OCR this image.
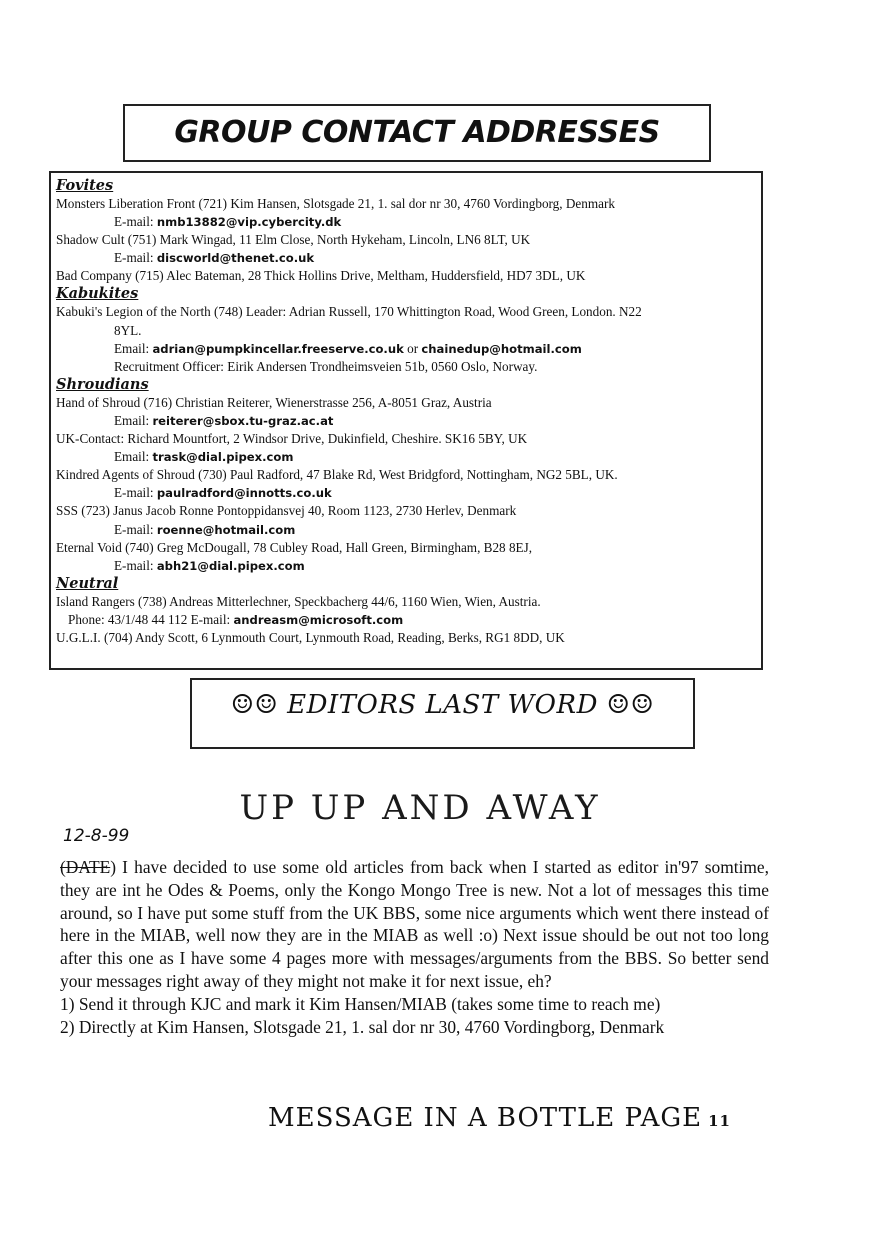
GROUP CONTACT ADDRESSES
Fovites
Monsters Liberation Front (721) Kim Hansen, Slotsgade 21, 1. sal dor nr 30, 4760 Vordingborg, Denmark
E-mail: nmb13882@vip.cybercity.dk
Shadow Cult (751) Mark Wingad, 11 Elm Close, North Hykeham, Lincoln, LN6 8LT, UK
E-mail: discworld@thenet.co.uk
Bad Company (715) Alec Bateman, 28 Thick Hollins Drive, Meltham, Huddersfield, HD7 3DL, UK
Kabukites
Kabuki's Legion of the North (748) Leader: Adrian Russell, 170 Whittington Road, Wood Green, London. N22
8YL.
Email: adrian@pumpkincellar.freeserve.co.uk or chainedup@hotmail.com
Recruitment Officer: Eirik Andersen Trondheimsveien 51b, 0560 Oslo, Norway.
Shroudians
Hand of Shroud (716) Christian Reiterer, Wienerstrasse 256, A-8051 Graz, Austria
Email: reiterer@sbox.tu-graz.ac.at
UK-Contact: Richard Mountfort, 2 Windsor Drive, Dukinfield, Cheshire. SK16 5BY, UK
Email: trask@dial.pipex.com
Kindred Agents of Shroud (730) Paul Radford, 47 Blake Rd, West Bridgford, Nottingham, NG2 5BL, UK.
E-mail: paulradford@innotts.co.uk
SSS (723) Janus Jacob Ronne Pontoppidansvej 40, Room 1123, 2730 Herlev, Denmark
E-mail: roenne@hotmail.com
Eternal Void (740) Greg McDougall, 78 Cubley Road, Hall Green, Birmingham, B28 8EJ,
E-mail: abh21@dial.pipex.com
Neutral
Island Rangers (738) Andreas Mitterlechner, Speckbacherg 44/6, 1160 Wien, Wien, Austria.
Phone: 43/1/48 44 112 E-mail: andreasm@microsoft.com
U.G.L.I. (704) Andy Scott, 6 Lynmouth Court, Lynmouth Road, Reading, Berks, RG1 8DD, UK
☺☺ EDITORS LAST WORD ☺☺
UP UP AND AWAY
12-8-99

(DATE) I have decided to use some old articles from back when I started as editor in'97 somtime, they are int he Odes & Poems, only the Kongo Mongo Tree is new. Not a lot of messages this time around, so I have put some stuff from the UK BBS, some nice arguments which went there instead of here in the MIAB, well now they are in the MIAB as well :o) Next issue should be out not too long after this one as I have some 4 pages more with messages/arguments from the BBS. So better send your messages right away of they might not make it for next issue, eh?

1) Send it through KJC and mark it Kim Hansen/MIAB (takes some time to reach me)

2) Directly at Kim Hansen, Slotsgade 21, 1. sal dor nr 30, 4760 Vordingborg, Denmark

MESSAGE IN A BOTTLE PAGE 11
